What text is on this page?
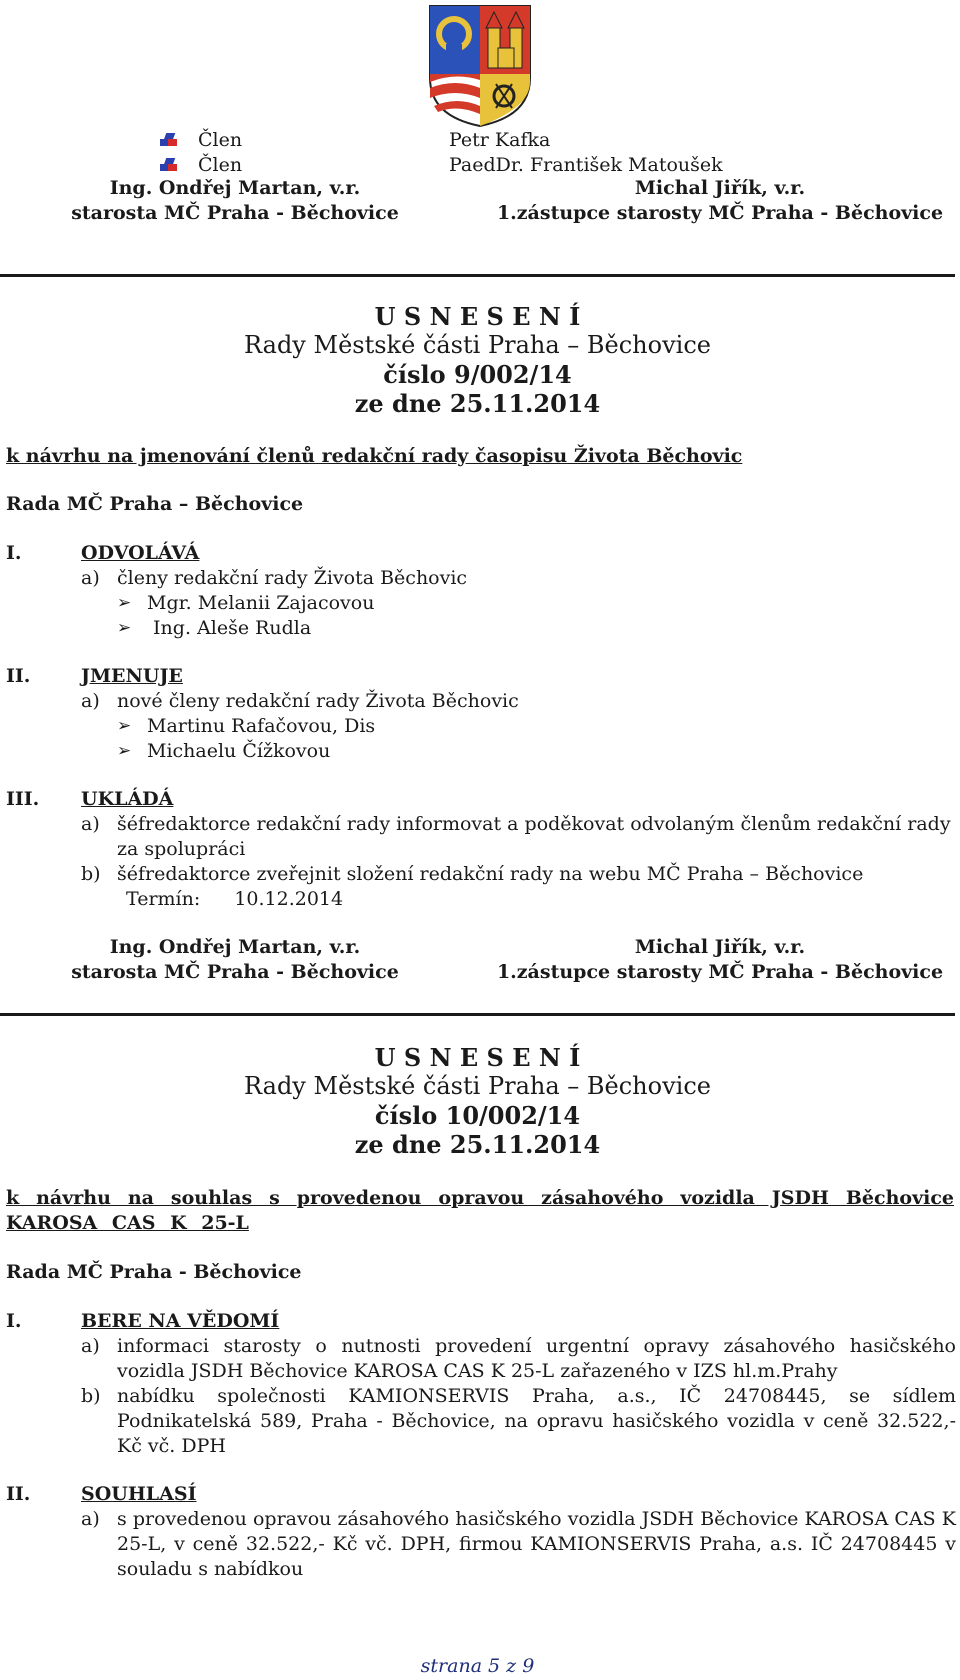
Člen	Petr Kafka
Člen	PaedDr. František Matoušek
Ing. Ondřej Martan, v.r.
starosta MČ Praha - Běchovice
Michal Jiřík, v.r.
1.zástupce starosty MČ Praha - Běchovice
U S N E S E N Í
Rady Městské části Praha – Běchovice
číslo 9/002/14
ze dne 25.11.2014
k návrhu na jmenování členů redakční rady časopisu Života Běchovic
Rada MČ Praha – Běchovice
I.	ODVOLÁVÁ
a) členy redakční rady Života Běchovic
➢ Mgr. Melanii Zajacovou
➢ Ing. Aleše Rudla
II.	JMENUJE
a) nové členy redakční rady Života Běchovic
➢ Martinu Rafačovou, Dis
➢ Michaelu Čížkovou
III.	UKLÁDÁ
a) šéfredaktorce redakční rady informovat a poděkovat odvolaným členům redakční rady za spolupráci
b) šéfredaktorce zveřejnit složení redakční rady na webu MČ Praha – Běchovice
Termín: 10.12.2014
Ing. Ondřej Martan, v.r.
starosta MČ Praha - Běchovice
Michal Jiřík, v.r.
1.zástupce starosty MČ Praha - Běchovice
U S N E S E N Í
Rady Městské části Praha – Běchovice
číslo 10/002/14
ze dne 25.11.2014
k návrhu na souhlas s provedenou opravou zásahového vozidla JSDH Běchovice KAROSA CAS K 25-L
Rada MČ Praha - Běchovice
I.	BERE NA VĚDOMÍ
a) informaci starosty o nutnosti provedení urgentní opravy zásahového hasičského vozidla JSDH Běchovice KAROSA CAS K 25-L zařazeného v IZS hl.m.Prahy
b) nabídku společnosti KAMIONSERVIS Praha, a.s., IČ 24708445, se sídlem Podnikatelská 589, Praha - Běchovice, na opravu hasičského vozidla v ceně 32.522,- Kč vč. DPH
II.	SOUHLASÍ
a) s provedenou opravou zásahového hasičského vozidla JSDH Běchovice KAROSA CAS K 25-L, v ceně 32.522,- Kč vč. DPH, firmou KAMIONSERVIS Praha, a.s. IČ 24708445 v souladu s nabídkou
strana 5 z 9
